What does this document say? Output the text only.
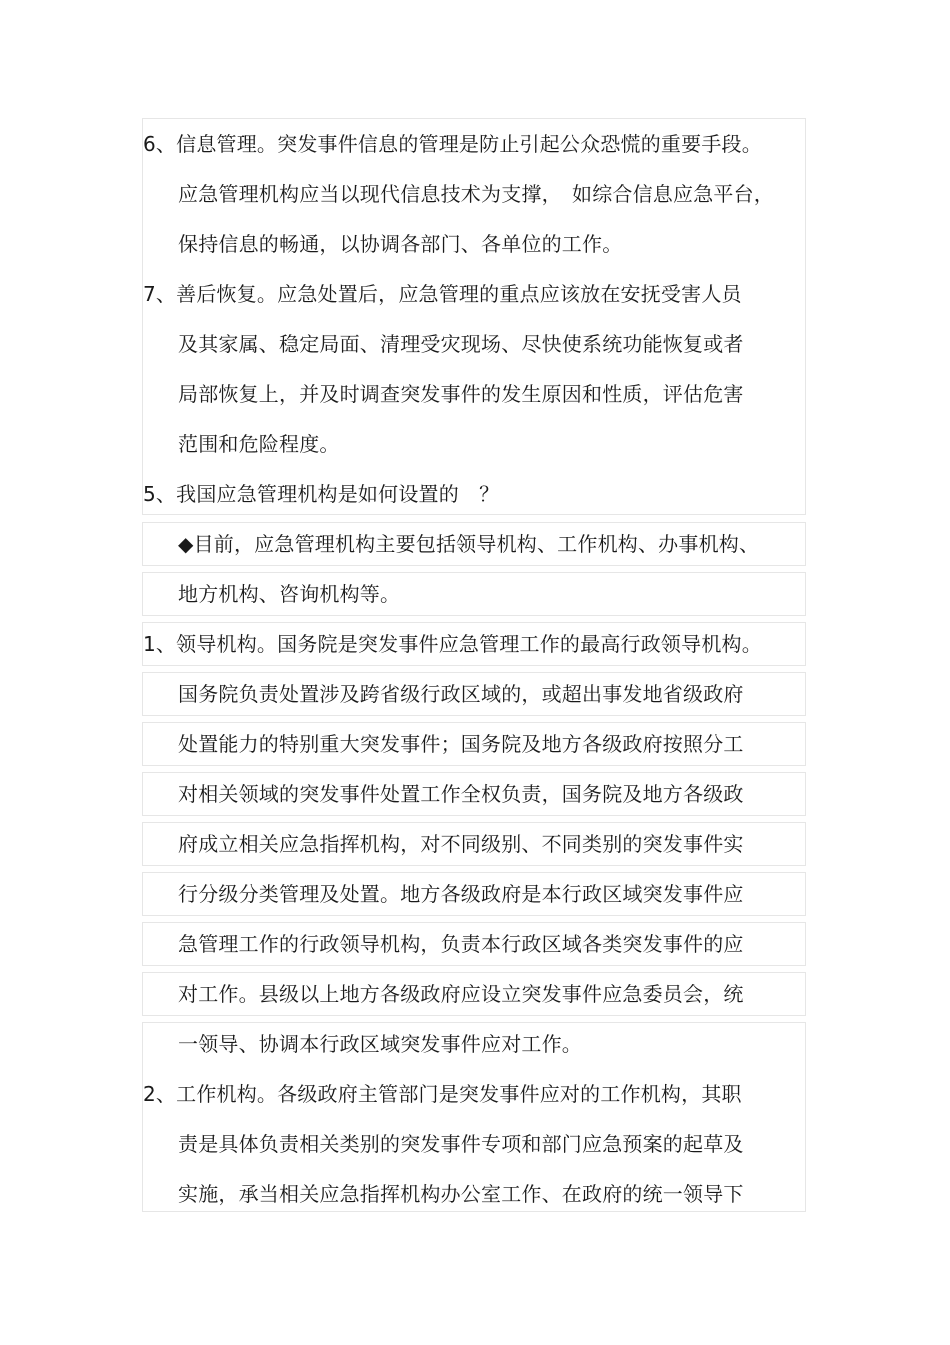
6、信息管理。突发事件信息的管理是防止引起公众恐慌的重要手段。
应急管理机构应当以现代信息技术为支撑，　如综合信息应急平台，
保持信息的畅通，以协调各部门、各单位的工作。
7、善后恢复。应急处置后，应急管理的重点应该放在安抚受害人员
及其家属、稳定局面、清理受灾现场、尽快使系统功能恢复或者
局部恢复上，并及时调查突发事件的发生原因和性质，评估危害
范围和危险程度。
5、我国应急管理机构是如何设置的　？
◆目前，应急管理机构主要包括领导机构、工作机构、办事机构、
地方机构、咨询机构等。
1、领导机构。国务院是突发事件应急管理工作的最高行政领导机构。
国务院负责处置涉及跨省级行政区域的，或超出事发地省级政府
处置能力的特别重大突发事件；国务院及地方各级政府按照分工
对相关领域的突发事件处置工作全权负责，国务院及地方各级政
府成立相关应急指挥机构，对不同级别、不同类别的突发事件实
行分级分类管理及处置。地方各级政府是本行政区域突发事件应
急管理工作的行政领导机构，负责本行政区域各类突发事件的应
对工作。县级以上地方各级政府应设立突发事件应急委员会，统
一领导、协调本行政区域突发事件应对工作。
2、工作机构。各级政府主管部门是突发事件应对的工作机构，其职
责是具体负责相关类别的突发事件专项和部门应急预案的起草及
实施，承当相关应急指挥机构办公室工作、在政府的统一领导下
